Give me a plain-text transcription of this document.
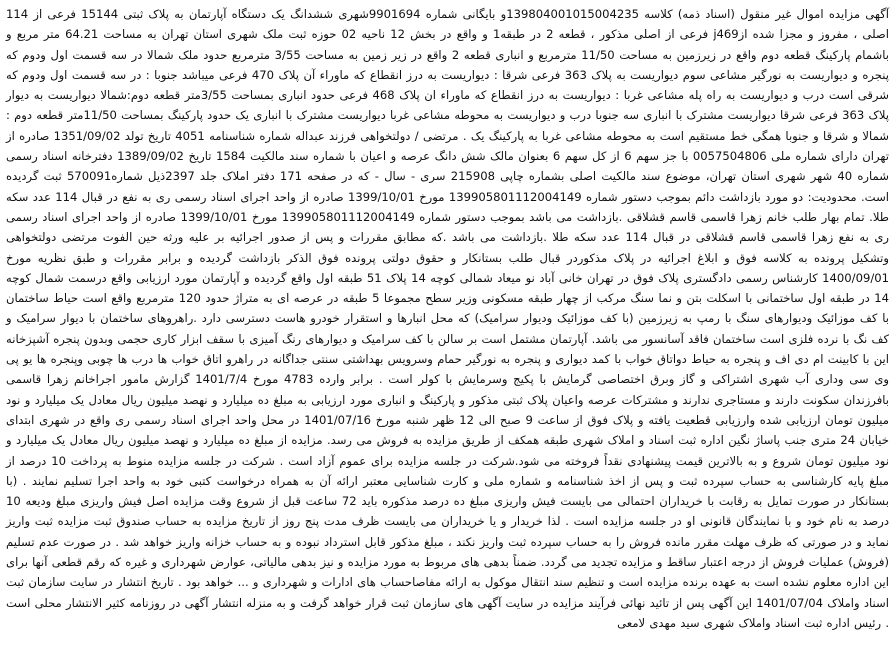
آگهی مزایده اموال غیر منقول (اسناد ذمه) کلاسه 139804001015004235و بایگانی شماره 9901694شهری ششدانگ یک دستگاه آپارتمان به پلاک ثبتی 15144 فرعی از 114 اصلی ، مفروز و مجزا شده ازj469 فرعی از اصلی مذکور ، قطعه 2 در طبقه1 و واقع در بخش 12 ناحیه 02 حوزه ثبت ملک شهری استان تهران به مساحت 64.21 متر مربع و باشمام پارکینگ قطعه دوم واقع در زیرزمین به مساحت 11/50 مترمربع و انباری قطعه 2 واقع در زیر زمین به مساحت 3/55 مترمربع حدود ملک شمالا در سه قسمت اول ودوم که پنجره و دیواریست به نورگیر مشاعی سوم دیواریست به پلاک 363 فرعی شرقا : دیواریست به درز انقطاع که ماوراء آن پلاک 470 فرعی میباشد جنوبا : در سه قسمت اول ودوم که شرقی است درب و دیواریست به راه پله مشاعی غربا : دیواریست به درز انقطاع که ماوراء ان پلاک 468 فرعی حدود انباری بمساحت 3/55متر قطعه دوم:شمالا دیواریست به دیوار پلاک 363 فرعی شرقا دیواریست مشترک با انباری سه جنوبا درب و دیواریست به محوطه مشاعی غربا دیواریست مشترک با انباری یک حدود پارکینگ بمساحت 11/50متر قطعه دوم : شمالا و شرقا و جنوبا همگی خط مستقیم است به محوطه مشاعی غربا به پارکینگ یک . مرتضی / دولتخواهی فرزند عبداله شماره شناسنامه 4051 تاریخ تولد 1351/09/02 صادره از تهران دارای شماره ملی 0057504806 با جز سهم 6 از کل سهم 6 بعنوان مالک شش دانگ عرصه و اعیان با شماره سند مالکیت 1584 تاریخ 1389/09/02 دفترخانه اسناد رسمی شماره 40 شهر شهری استان تهران، موضوع سند مالکیت اصلی بشماره چاپی 215908 سری - سال - که در صفحه 171 دفتر املاک جلد 2397ذیل شماره570091 ثبت گردیده است. محدودیت: دو مورد بازداشت دائم بموجب دستور شماره 139905801112004149 مورخ 1399/10/01 صادره از واحد اجرای اسناد رسمی ری به نفع در قبال 114 عدد سکه طلا. تمام بهار طلب خانم زهرا قاسمی قاسم قشلاقی .بازداشت می باشد بموجب دستور شماره 139905801112004149 مورخ 1399/10/01 صادره از واحد اجرای اسناد رسمی ری به نفع زهرا قاسمی قاسم قشلاقی در قبال 114 عدد سکه طلا .بازداشت می باشد .که مطابق مقررات و پس از صدور اجرائیه بر علیه ورثه حین الفوت مرتضی دولتخواهی وتشکیل پرونده به کلاسه فوق و ابلاغ اجرائیه در پلاک مذکوردر قبال طلب بستانکار و حقوق دولتی پرونده فوق الذکر بازداشت گردیده و برابر مقررات و طبق نظریه مورخ 1400/09/01 کارشناس رسمی دادگستری پلاک فوق در تهران خانی آباد نو میعاد شمالی کوچه 14 پلاک 51 طبقه اول واقع گردیده و آپارتمان مورد ارزیابی واقع درسمت شمال کوچه 14 در طبقه اول ساختمانی با اسکلت بتن و نما سنگ مرکب از چهار طبقه مسکونی وزیر سطح مجموعا 5 طبقه در عرصه ای به متراژ حدود 120 مترمربع واقع است حیاط ساختمان با کف موزائیک ودیوارهای سنگ با رمپ به زیرزمین (با کف موزائیک ودیوار سرامیک) که محل انبارها و استقرار خودرو هاست دسترسی دارد .راهروهای ساختمان با دیوار سرامیک و کف نگ با نرده فلزی است ساختمان فاقد آسانسور می باشد. آپارتمان مشتمل است بر سالن با کف سرامیک و دیوارهای رنگ آمیزی با سقف ابزار کاری حجمی وبدون پنجره آشپزخانه این با کابینت ام دی اف و پنجره به حیاط دواتاق خواب با کمد دیواری و پنجره به نورگیر حمام وسرویس بهداشتی سنتی جداگانه در راهرو اتاق خواب ها درب ها چوبی وپنجره ها یو پی وی سی وداری آب شهری اشتراکی و گاز وبرق اختصاصی گرمایش با پکیج وسرمایش با کولر است . برابر وارده 4783 مورخ 1401/7/4 گزارش مامور اجراخانم زهرا قاسمی بافرزندان سکونت دارند و مستاجری ندارند و مشترکات عرصه واعیان پلاک ثبتی مذکور و پارکینگ و انباری مورد ارزیابی به مبلغ ده میلیارد و نهصد میلیون ریال معادل یک میلیارد و نود میلیون تومان ارزیابی شده وارزیابی قطعیت یافته و پلاک فوق از ساعت 9 صبح الی 12 ظهر شنبه مورخ 1401/07/16 در محل واحد اجرای اسناد رسمی ری واقع در شهری ابتدای خیابان 24 متری جنب پاساژ نگین اداره ثبت اسناد و املاک شهری طبقه همکف از طریق مزایده به فروش می رسد. مزایده از مبلغ ده میلیارد و نهصد میلیون ریال معادل یک میلیارد و نود میلیون تومان شروع و به بالاترین قیمت پیشنهادی نقداً فروخته می شود.شرکت در جلسه مزایده برای عموم آزاد است . شرکت در جلسه مزایده منوط به پرداخت 10 درصد از مبلغ پایه کارشناسی به حساب سپرده ثبت و پس از اخذ شناسنامه و شماره ملی و کارت شناسایی معتبر ارائه آن به همراه درخواست کتبی خود به واحد اجرا تسلیم نمایند . (با بستانکار در صورت تمایل به رقابت با خریداران احتمالی می بایست فیش واریزی مبلغ ده درصد مذکوره باید 72 ساعت قبل از شروع وقت مزایده اصل فیش واریزی مبلغ ودیعه 10 درصد به نام خود و با نمایندگان قانونی او در جلسه مزایده است . لذا خریدار و یا خریداران می بایست ظرف مدت پنج روز از تاریخ مزایده به حساب صندوق ثبت مزایده ثبت واریز نماید و در صورتی که ظرف مهلت مقرر مانده فروش را به حساب سپرده ثبت واریز نکند ، مبلغ مذکور قابل استرداد نبوده و به حساب خزانه واریز خواهد شد . در صورت عدم تسلیم (فروش) عملیات فروش از درجه اعتبار ساقط و مزایده تجدید می گردد. ضمناً بدهی های مربوط به مورد مزایده و نیز بدهی مالیاتی، عوارض شهرداری و غیره که رقم قطعی آنها برای این اداره معلوم نشده است به عهده برنده مزایده است و تنظیم سند انتقال موکول به ارائه مفاصاحساب های ادارات و شهرداری و ... خواهد بود . تاریخ انتشار در سایت سازمان ثبت اسناد واملاک 1401/07/04 این آگهی پس از تائید نهائی فرآیند مزایده در سایت آگهی های سازمان ثبت قرار خواهد گرفت و به منزله انتشار آگهی در روزنامه کثیر الانتشار محلی است . رئیس اداره ثبت اسناد واملاک شهری سید مهدی لامعی
